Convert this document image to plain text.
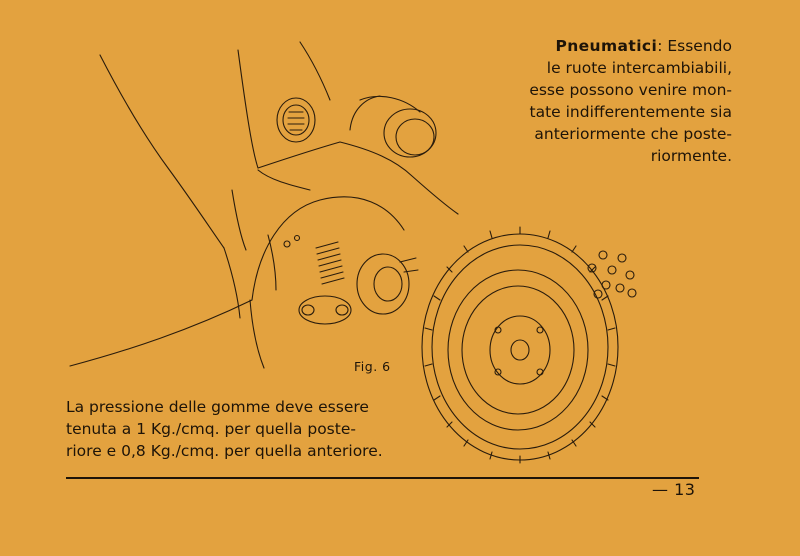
Pneumatici: Essendo
le ruote intercambiabili,
esse possono venire mon-
tate indifferentemente sia
anteriormente che poste-
riormente.

Fig. 6

La pressione delle gomme deve essere
tenuta a 1 Kg./cmq. per quella poste-
riore e 0,8 Kg./cmq. per quella anteriore.

— 13
